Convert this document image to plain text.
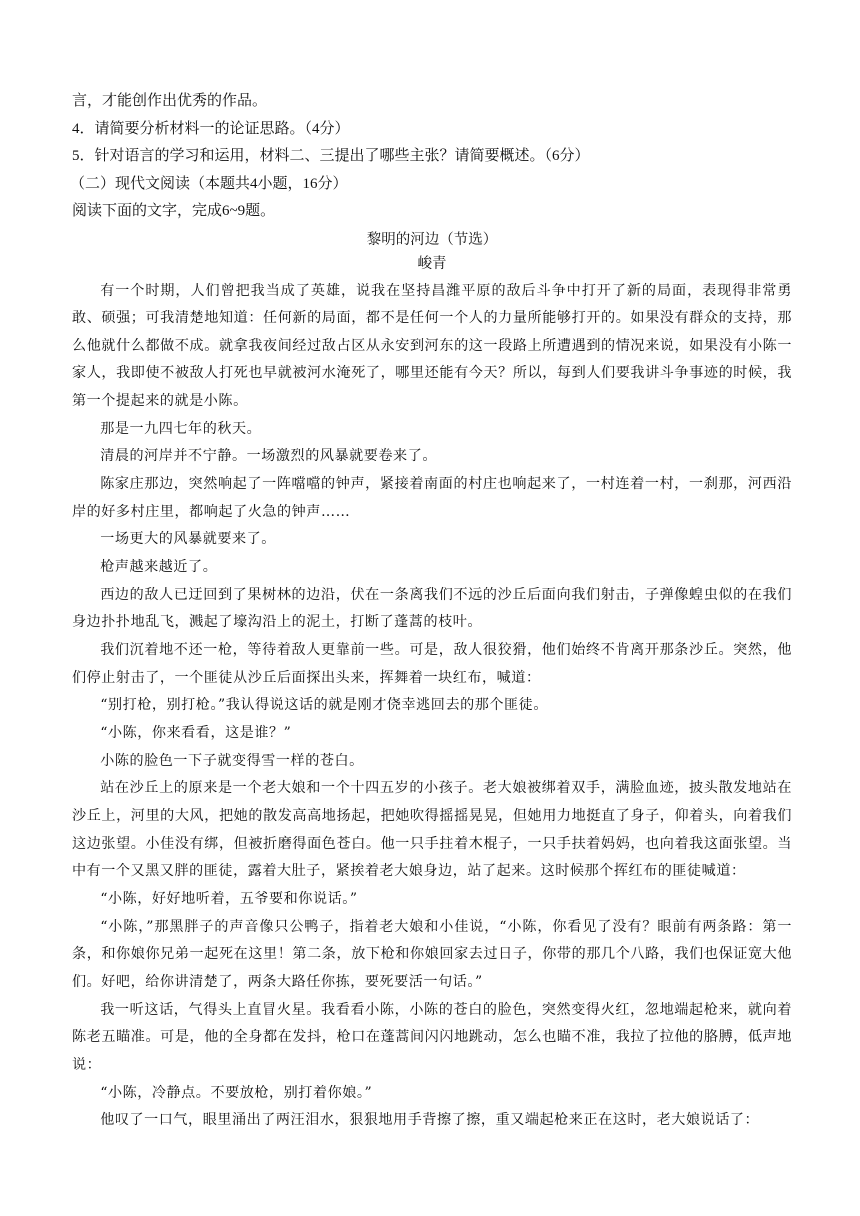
言，才能创作出优秀的作品。
4．请简要分析材料一的论证思路。（4分）
5．针对语言的学习和运用，材料二、三提出了哪些主张？请简要概述。（6分）
（二）现代文阅读（本题共4小题，16分）
阅读下面的文字，完成6~9题。
黎明的河边（节选）
峻青

有一个时期，人们曾把我当成了英雄，说我在坚持昌潍平原的敌后斗争中打开了新的局面，表现得非常勇敢、硕强；可我清楚地知道：任何新的局面，都不是任何一个人的力量所能够打开的。如果没有群众的支持，那么他就什么都做不成。就拿我夜间经过敌占区从永安到河东的这一段路上所遭遇到的情况来说，如果没有小陈一家人，我即使不被敌人打死也早就被河水淹死了，哪里还能有今天？所以，每到人们要我讲斗争事迹的时候，我第一个提起来的就是小陈。

那是一九四七年的秋天。

清晨的河岸并不宁静。一场激烈的风暴就要卷来了。

陈家庄那边，突然响起了一阵噹噹的钟声，紧接着南面的村庄也响起来了，一村连着一村，一刹那，河西沿岸的好多村庄里，都响起了火急的钟声……

一场更大的风暴就要来了。

枪声越来越近了。

西边的敌人已迂回到了果树林的边沿，伏在一条离我们不远的沙丘后面向我们射击，子弹像蝗虫似的在我们身边扑扑地乱飞，溅起了壕沟沿上的泥土，打断了蓬蒿的枝叶。

我们沉着地不还一枪，等待着敌人更靠前一些。可是，敌人很狡猾，他们始终不肯离开那条沙丘。突然，他们停止射击了，一个匪徒从沙丘后面探出头来，挥舞着一块红布，喊道：

“别打枪，别打枪。”我认得说这话的就是刚才侥幸逃回去的那个匪徒。

“小陈，你来看看，这是谁？”

小陈的脸色一下子就变得雪一样的苍白。

站在沙丘上的原来是一个老大娘和一个十四五岁的小孩子。老大娘被绑着双手，满脸血迹，披头散发地站在沙丘上，河里的大风，把她的散发高高地扬起，把她吹得摇摇晃晃，但她用力地挺直了身子，仰着头，向着我们这边张望。小佳没有绑，但被折磨得面色苍白。他一只手拄着木棍子，一只手扶着妈妈，也向着我这面张望。当中有一个又黑又胖的匪徒，露着大肚子，紧挨着老大娘身边，站了起来。这时候那个挥红布的匪徒喊道：

“小陈，好好地听着，五爷要和你说话。”

“小陈，”那黑胖子的声音像只公鸭子，指着老大娘和小佳说，“小陈，你看见了没有？眼前有两条路：第一条，和你娘你兄弟一起死在这里！第二条，放下枪和你娘回家去过日子，你带的那几个八路，我们也保证宽大他们。好吧，给你讲清楚了，两条大路任你拣，要死要活一句话。”

我一听这话，气得头上直冒火星。我看看小陈，小陈的苍白的脸色，突然变得火红，忽地端起枪来，就向着陈老五瞄准。可是，他的全身都在发抖，枪口在蓬蒿间闪闪地跳动，怎么也瞄不准，我拉了拉他的胳膊，低声地说：

“小陈，冷静点。不要放枪，别打着你娘。”

他叹了一口气，眼里涌出了两汪泪水，狠狠地用手背擦了擦，重又端起枪来正在这时，老大娘说话了：
